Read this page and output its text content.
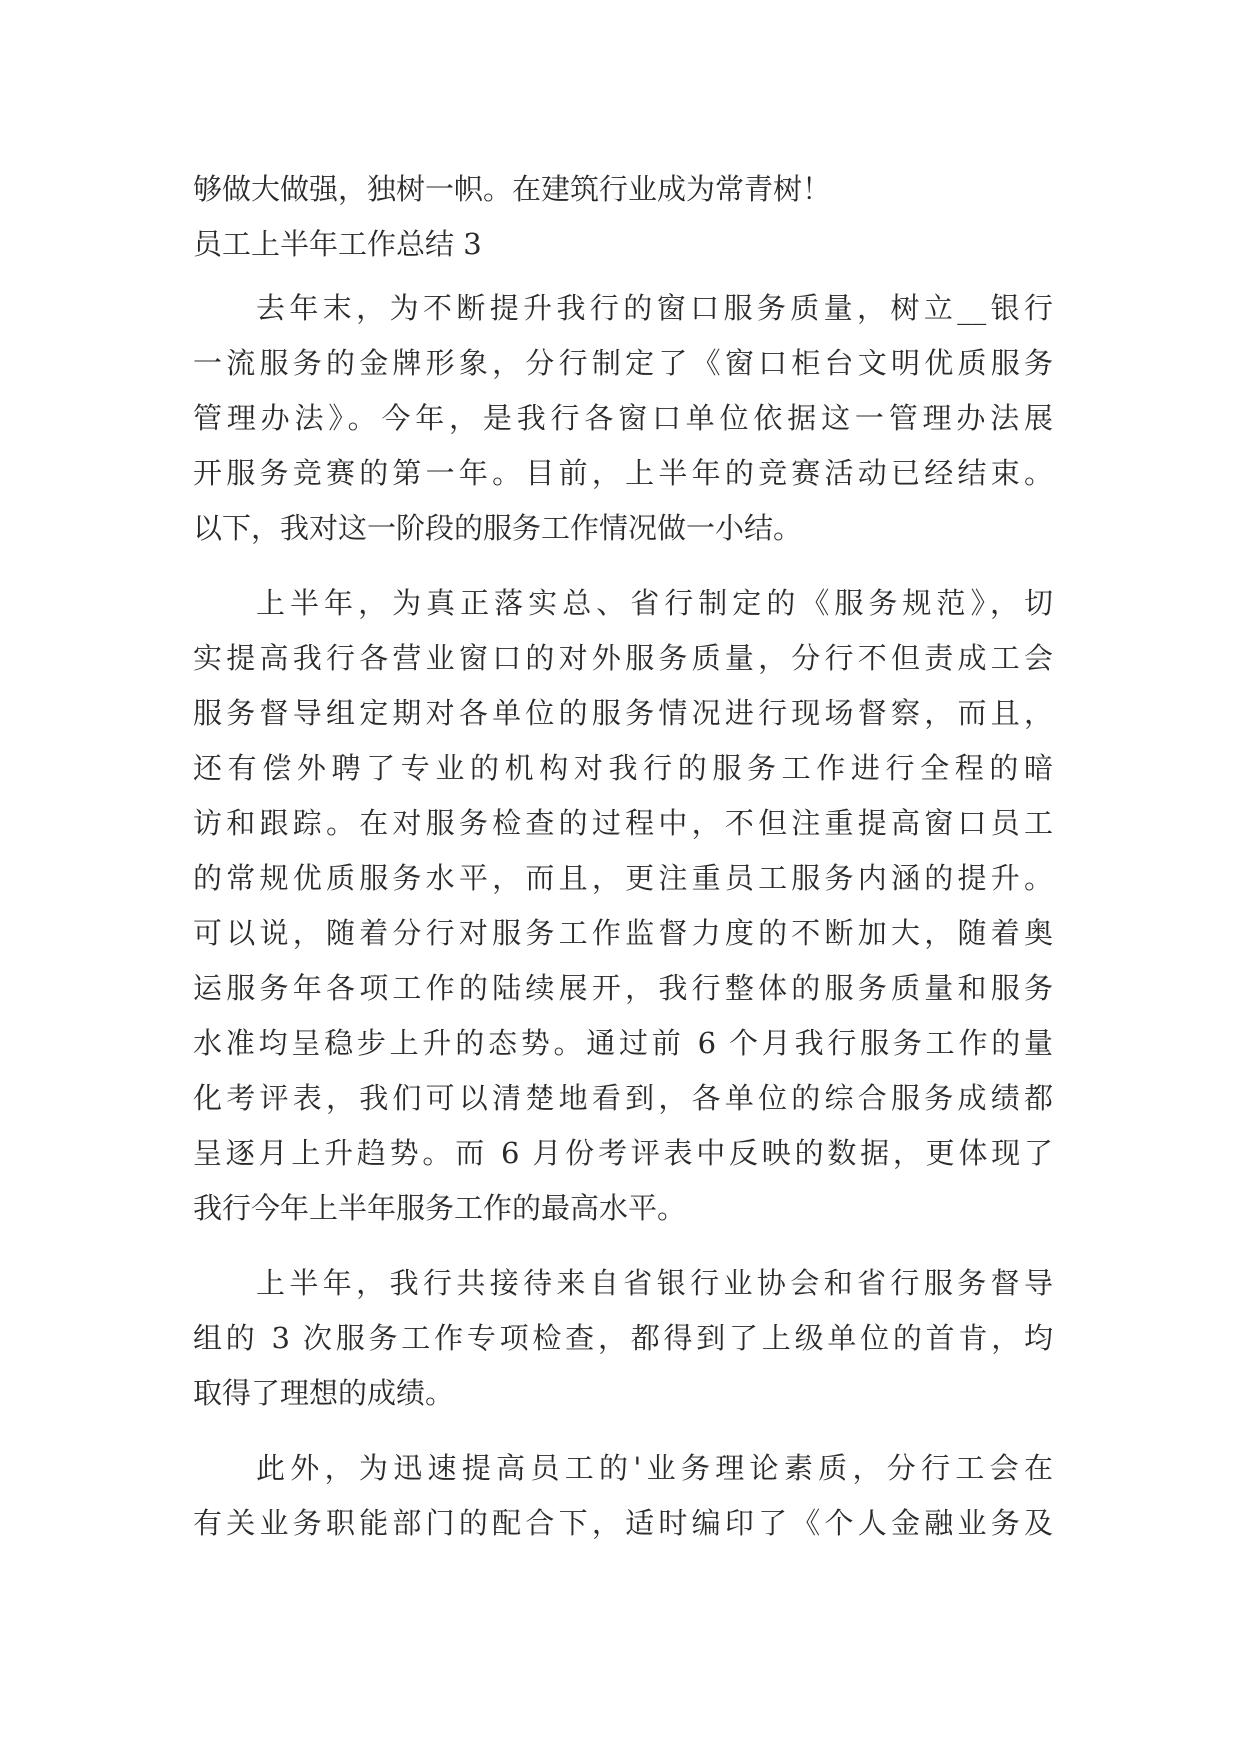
够做大做强，独树一帜。在建筑行业成为常青树！
员工上半年工作总结 3
去年末，为不断提升我行的窗口服务质量，树立__银行
一流服务的金牌形象，分行制定了《窗口柜台文明优质服务
管理办法》。今年，是我行各窗口单位依据这一管理办法展
开服务竞赛的第一年。目前，上半年的竞赛活动已经结束。
以下，我对这一阶段的服务工作情况做一小结。
上半年，为真正落实总、省行制定的《服务规范》，切
实提高我行各营业窗口的对外服务质量，分行不但责成工会
服务督导组定期对各单位的服务情况进行现场督察，而且，
还有偿外聘了专业的机构对我行的服务工作进行全程的暗
访和跟踪。在对服务检查的过程中，不但注重提高窗口员工
的常规优质服务水平，而且，更注重员工服务内涵的提升。
可以说，随着分行对服务工作监督力度的不断加大，随着奥
运服务年各项工作的陆续展开，我行整体的服务质量和服务
水准均呈稳步上升的态势。通过前 6 个月我行服务工作的量
化考评表，我们可以清楚地看到，各单位的综合服务成绩都
呈逐月上升趋势。而 6 月份考评表中反映的数据，更体现了
我行今年上半年服务工作的最高水平。
上半年，我行共接待来自省银行业协会和省行服务督导
组的 3 次服务工作专项检查，都得到了上级单位的首肯，均
取得了理想的成绩。
此外，为迅速提高员工的'业务理论素质，分行工会在
有关业务职能部门的配合下，适时编印了《个人金融业务及
